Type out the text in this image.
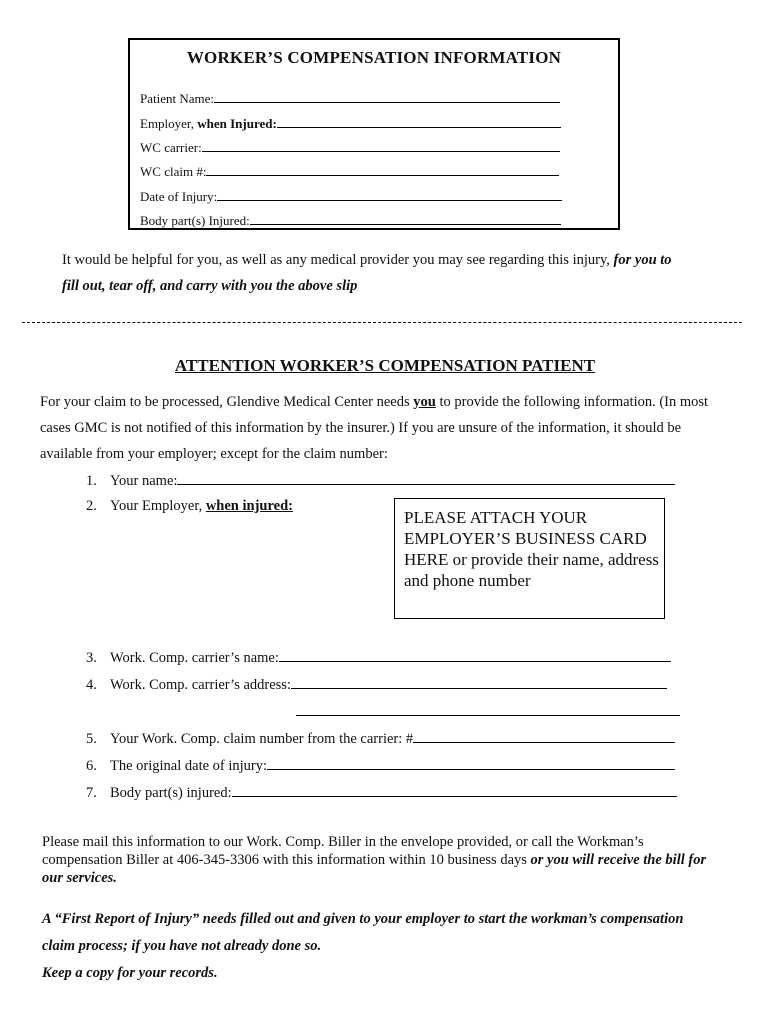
WORKER’S COMPENSATION INFORMATION
Patient Name:
Employer, when Injured:
WC carrier:
WC claim #:
Date of Injury:
Body part(s) Injured:
It would be helpful for you, as well as any medical provider you may see regarding this injury, for you to
fill out, tear off, and carry with you the above slip
ATTENTION WORKER’S COMPENSATION PATIENT
For your claim to be processed, Glendive Medical Center needs you to provide the following information. (In most
cases GMC is not notified of this information by the insurer.) If you are unsure of the information, it should be
available from your employer; except for the claim number:
1. Your name:
2. Your Employer, when injured:
PLEASE ATTACH YOUR EMPLOYER’S BUSINESS CARD HERE or provide their name, address and phone number
3. Work. Comp. carrier’s name:
4. Work. Comp. carrier’s address:
5. Your Work. Comp. claim number from the carrier: #
6. The original date of injury:
7. Body part(s) injured:
Please mail this information to our Work. Comp. Biller in the envelope provided, or call the Workman’s
compensation Biller at 406-345-3306 with this information within 10 business days or you will receive the bill for
our services.
A “First Report of Injury” needs filled out and given to your employer to start the workman’s compensation
claim process; if you have not already done so.
Keep a copy for your records.
